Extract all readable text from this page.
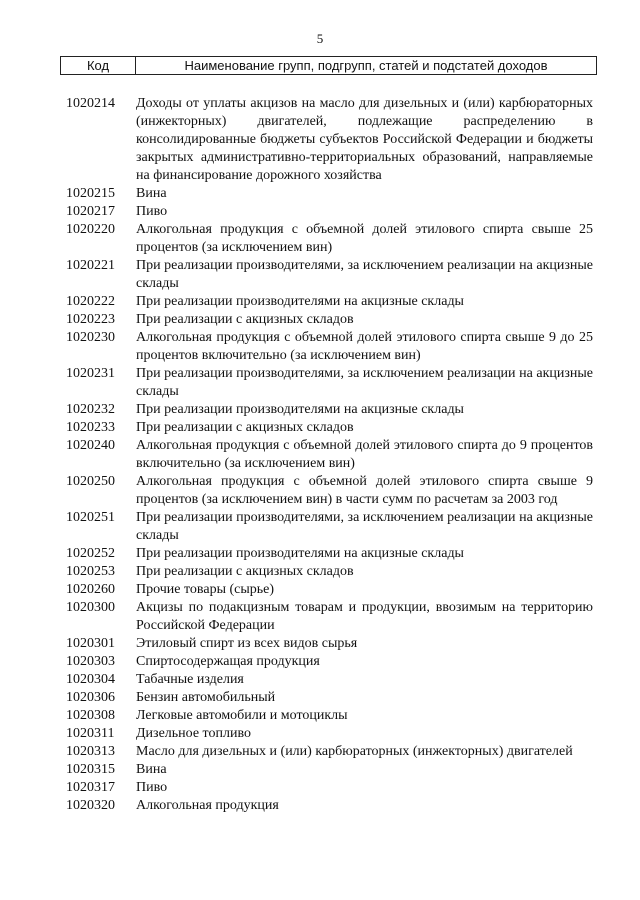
5
Код	Наименование групп, подгрупп, статей и подстатей доходов
1020214	Доходы от уплаты акцизов на масло для дизельных и (или) карбюраторных (инжекторных) двигателей, подлежащие распределению в консолидированные бюджеты субъектов Российской Федерации и бюджеты закрытых административно-территориальных образований, направляемые на финансирование дорожного хозяйства
1020215	Вина
1020217	Пиво
1020220	Алкогольная продукция с объемной долей этилового спирта свыше 25 процентов (за исключением вин)
1020221	При реализации производителями, за исключением реализации на акцизные склады
1020222	При реализации производителями на акцизные склады
1020223	При реализации с акцизных складов
1020230	Алкогольная продукция с объемной долей этилового спирта свыше 9 до 25 процентов включительно (за исключением вин)
1020231	При реализации производителями, за исключением реализации на акцизные склады
1020232	При реализации производителями на акцизные склады
1020233	При реализации с акцизных складов
1020240	Алкогольная продукция с объемной долей этилового спирта до 9 процентов включительно (за исключением вин)
1020250	Алкогольная продукция с объемной долей этилового спирта свыше 9 процентов (за исключением вин) в части сумм по расчетам за 2003 год
1020251	При реализации производителями, за исключением реализации на акцизные склады
1020252	При реализации производителями на акцизные склады
1020253	При реализации с акцизных складов
1020260	Прочие товары (сырье)
1020300	Акцизы по подакцизным товарам и продукции, ввозимым на территорию Российской Федерации
1020301	Этиловый спирт из всех видов сырья
1020303	Спиртосодержащая продукция
1020304	Табачные изделия
1020306	Бензин автомобильный
1020308	Легковые автомобили и мотоциклы
1020311	Дизельное топливо
1020313	Масло для дизельных и (или) карбюраторных (инжекторных) двигателей
1020315	Вина
1020317	Пиво
1020320	Алкогольная продукция
